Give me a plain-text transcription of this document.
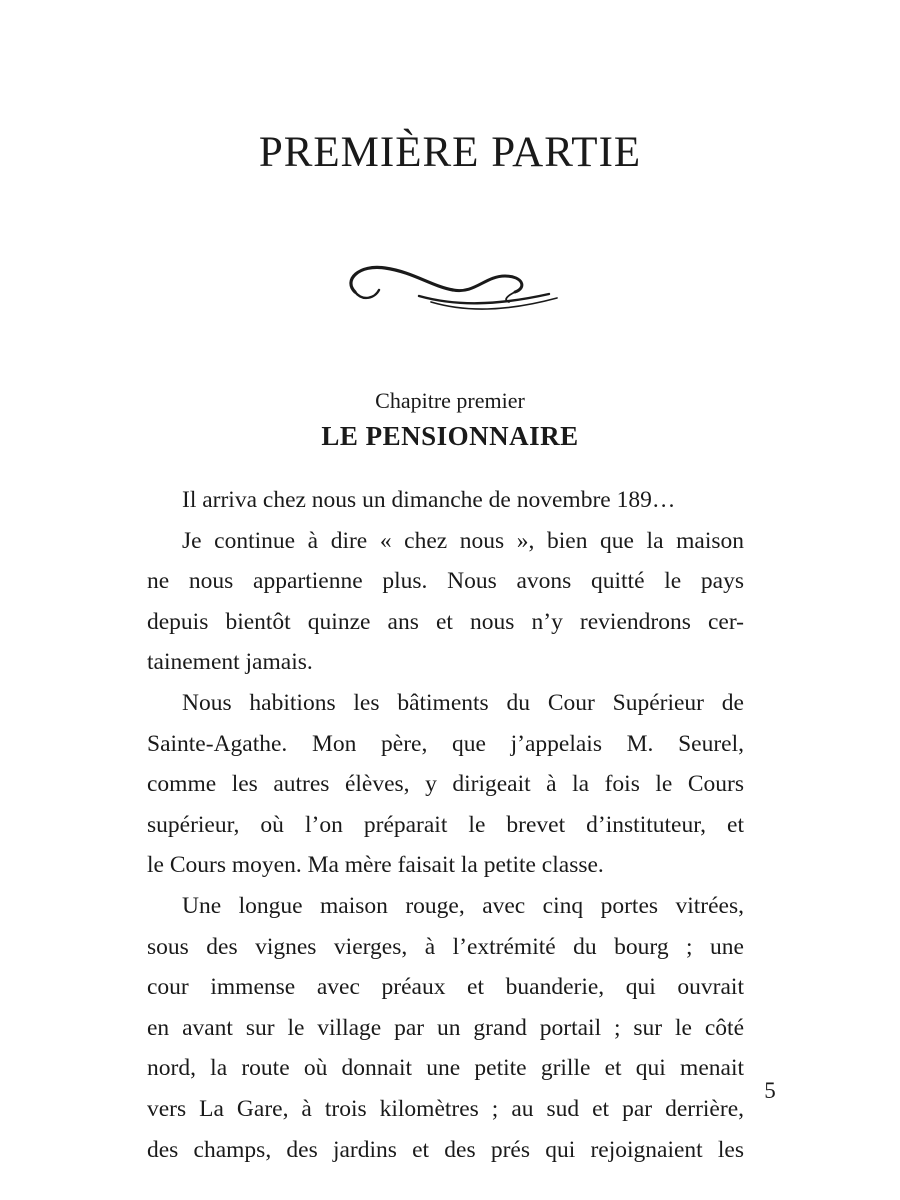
PREMIÈRE PARTIE

Chapitre premier

LE PENSIONNAIRE
Il arriva chez nous un dimanche de novembre 189…
Je continue à dire « chez nous », bien que la maison
ne nous appartienne plus. Nous avons quitté le pays
depuis bientôt quinze ans et nous n’y reviendrons cer-
tainement jamais.
Nous habitions les bâtiments du Cour Supérieur de
Sainte-Agathe. Mon père, que j’appelais M. Seurel,
comme les autres élèves, y dirigeait à la fois le Cours
supérieur, où l’on préparait le brevet d’instituteur, et
le Cours moyen. Ma mère faisait la petite classe.
Une longue maison rouge, avec cinq portes vitrées,
sous des vignes vierges, à l’extrémité du bourg ; une
cour immense avec préaux et buanderie, qui ouvrait
en avant sur le village par un grand portail ; sur le côté
nord, la route où donnait une petite grille et qui menait
vers La Gare, à trois kilomètres ; au sud et par derrière,
des champs, des jardins et des prés qui rejoignaient les
5
